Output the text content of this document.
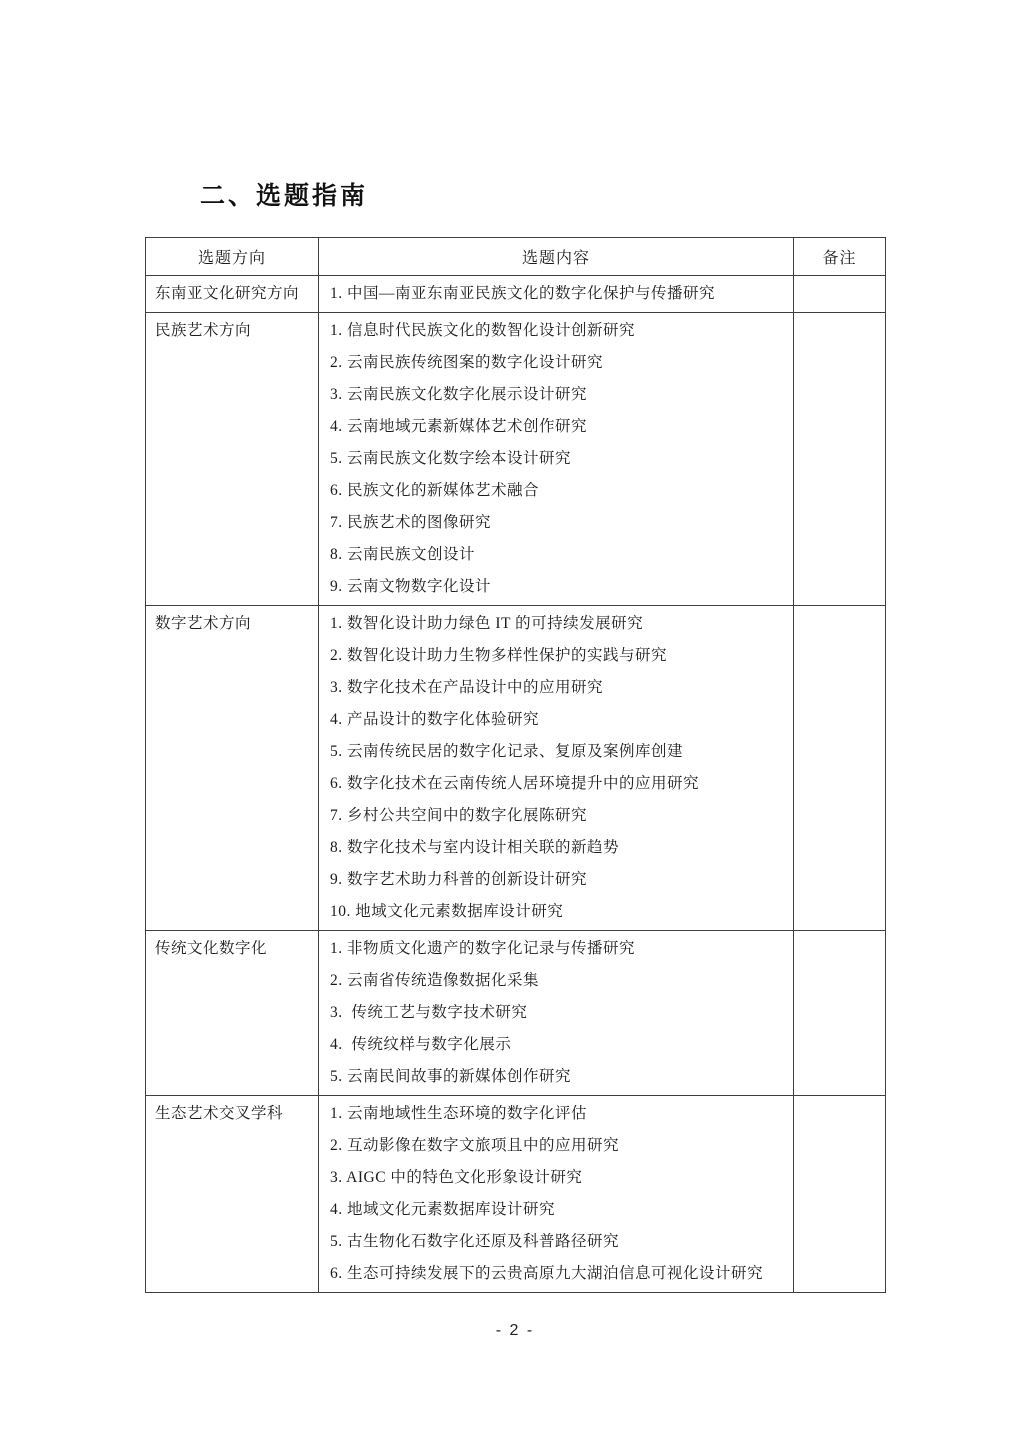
二、选题指南
选题方向	选题内容	备注
东南亚文化研究方向	1. 中国—南亚东南亚民族文化的数字化保护与传播研究	

民族艺术方向	1. 信息时代民族文化的数智化设计创新研究
2. 云南民族传统图案的数字化设计研究
3. 云南民族文化数字化展示设计研究
4. 云南地域元素新媒体艺术创作研究
5. 云南民族文化数字绘本设计研究
6. 民族文化的新媒体艺术融合
7. 民族艺术的图像研究
8. 云南民族文创设计
9. 云南文物数字化设计

数字艺术方向	1. 数智化设计助力绿色 IT 的可持续发展研究
2. 数智化设计助力生物多样性保护的实践与研究
3. 数字化技术在产品设计中的应用研究
4. 产品设计的数字化体验研究
5. 云南传统民居的数字化记录、复原及案例库创建
6. 数字化技术在云南传统人居环境提升中的应用研究
7. 乡村公共空间中的数字化展陈研究
8. 数字化技术与室内设计相关联的新趋势
9. 数字艺术助力科普的创新设计研究
10. 地域文化元素数据库设计研究

传统文化数字化	1. 非物质文化遗产的数字化记录与传播研究
2. 云南省传统造像数据化采集
3.  传统工艺与数字技术研究
4.  传统纹样与数字化展示
5. 云南民间故事的新媒体创作研究	

生态艺术交叉学科	1. 云南地域性生态环境的数字化评估
2. 互动影像在数字文旅项且中的应用研究
3. AIGC 中的特色文化形象设计研究
4. 地域文化元素数据库设计研究
5. 古生物化石数字化还原及科普路径研究
6. 生态可持续发展下的云贵高原九大湖泊信息可视化设计研究

- 2 -
